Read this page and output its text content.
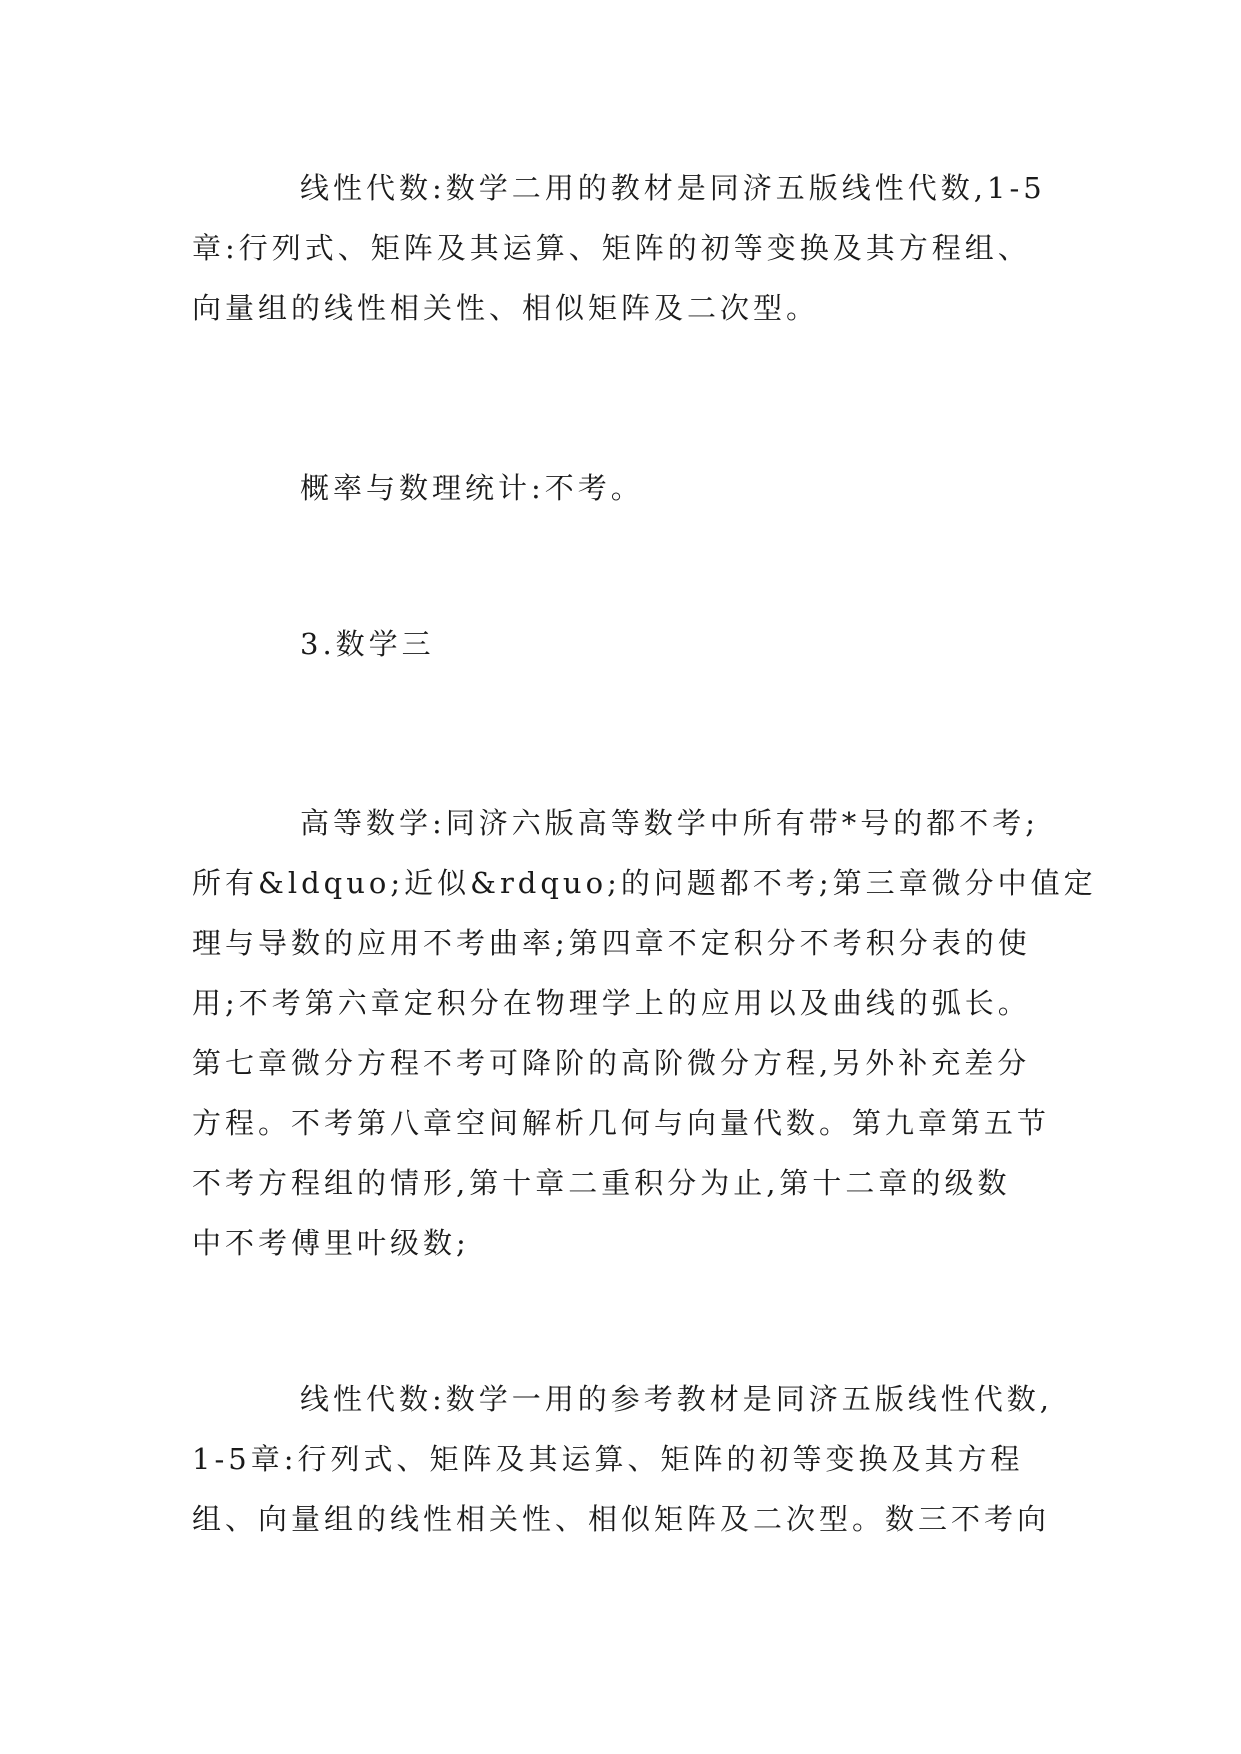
线性代数:数学二用的教材是同济五版线性代数,1-5
章:行列式、矩阵及其运算、矩阵的初等变换及其方程组、
向量组的线性相关性、相似矩阵及二次型。

概率与数理统计:不考。

3.数学三

高等数学:同济六版高等数学中所有带*号的都不考;
所有&ldquo;近似&rdquo;的问题都不考;第三章微分中值定
理与导数的应用不考曲率;第四章不定积分不考积分表的使
用;不考第六章定积分在物理学上的应用以及曲线的弧长。
第七章微分方程不考可降阶的高阶微分方程,另外补充差分
方程。不考第八章空间解析几何与向量代数。第九章第五节
不考方程组的情形,第十章二重积分为止,第十二章的级数
中不考傅里叶级数;

线性代数:数学一用的参考教材是同济五版线性代数,
1-5章:行列式、矩阵及其运算、矩阵的初等变换及其方程
组、向量组的线性相关性、相似矩阵及二次型。数三不考向
